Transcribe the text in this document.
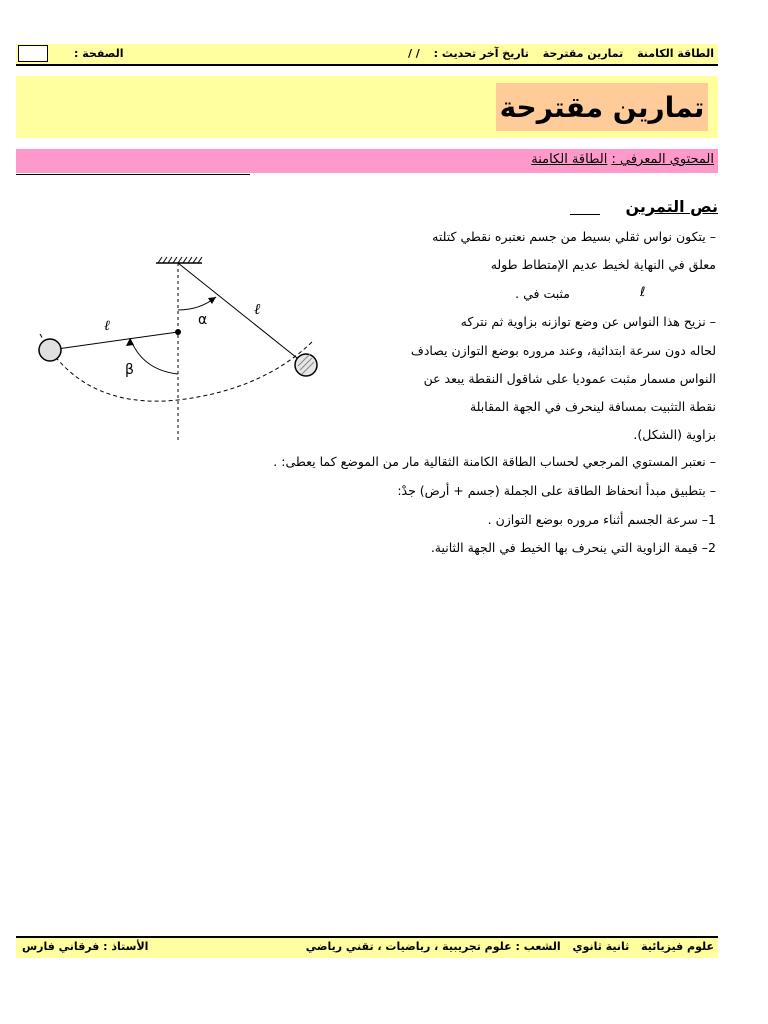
الطاقة الكامنة تمارين مقترحة تاريخ آخر تحديث : / /
الصفحة :
تمارين مقترحة
المحتوي المعرفي : الطاقة الكامنة
نص التمرين
– يتكون نواس ثقلي بسيط من جسم نعتبره نقطي كتلته
معلق في النهاية لخيط عديم الإمتطاط طوله
مثبت في .	ℓ
– نزيح هذا النواس عن وضع توازنه بزاوية ثم نتركه
لحاله دون سرعة ابتدائية، وعند مروره بوضع التوازن يصادف
النواس مسمار مثبت عموديا على شاقول النقطة يبعد عن
نقطة التثبيت بمسافة لينحرف في الجهة المقابلة
بزاوية (الشكل).
– نعتبر المستوي المرجعي لحساب الطاقة الكامنة الثقالية مار من الموضع كما يعطى: .
– بتطبيق مبدأ انحفاظ الطاقة على الجملة (جسم + أرض) جدْ:
1– سرعة الجسم أثناء مروره بوضع التوازن .
2– قيمة الزاوية التي ينحرف بها الخيط في الجهة الثانية.
α
β
ℓ
ℓ
علوم فيزيائية ثانية ثانوي الشعب : علوم تجريبية ، رياضيات ، تقني رياضي
الأستاذ : فرقاني فارس
